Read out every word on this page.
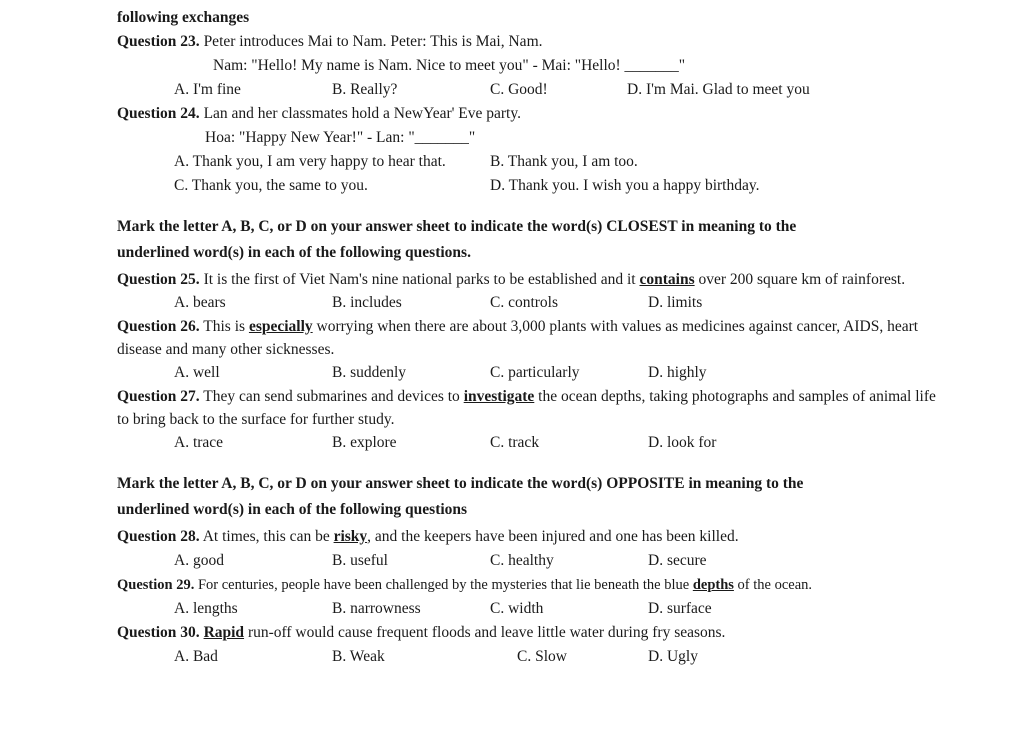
following exchanges
Question 23. Peter introduces Mai to Nam. Peter: This is Mai, Nam.
Nam: "Hello! My name is Nam. Nice to meet you" - Mai: "Hello! _______"
A. I'm fine	B. Really?	C. Good!	D. I'm Mai. Glad to meet you
Question 24. Lan and her classmates hold a NewYear' Eve party.
Hoa: "Happy New Year!" - Lan: "_______"
A. Thank you, I am very happy to hear that.	B. Thank you, I am too.
C. Thank you, the same to you.	D. Thank you. I wish you a happy birthday.
Mark the letter A, B, C, or D on your answer sheet to indicate the word(s) CLOSEST in meaning to the
underlined word(s) in each of the following questions.
Question 25. It is the first of Viet Nam's nine national parks to be established and it contains over 200 square km of rainforest.
A. bears	B. includes	C. controls	D. limits
Question 26. This is especially worrying when there are about 3,000 plants with values as medicines against cancer, AIDS, heart disease and many other sicknesses.
A. well	B. suddenly	C. particularly	D. highly
Question 27. They can send submarines and devices to investigate the ocean depths, taking photographs and samples of animal life to bring back to the surface for further study.
A. trace	B. explore	C. track	D. look for
Mark the letter A, B, C, or D on your answer sheet to indicate the word(s) OPPOSITE in meaning to the
underlined word(s) in each of the following questions
Question 28. At times, this can be risky, and the keepers have been injured and one has been killed.
A. good	B. useful	C. healthy	D. secure
Question 29. For centuries, people have been challenged by the mysteries that lie beneath the blue depths of the ocean.
A. lengths	B. narrowness	C. width	D. surface
Question 30. Rapid run-off would cause frequent floods and leave little water during fry seasons.
A. Bad	B. Weak	C. Slow	D. Ugly
